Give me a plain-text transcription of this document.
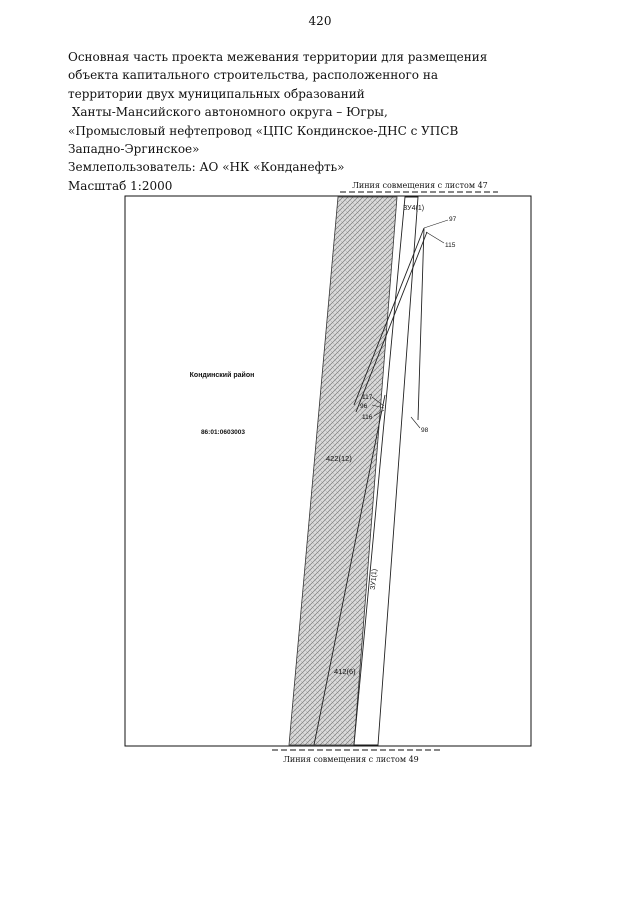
420
Основная часть проекта межевания территории для размещения
объекта капитального строительства, расположенного на
территории двух муниципальных образований
Ханты-Мансийского автономного округа – Югры,
«Промысловый нефтепровод «ЦПС Кондинское-ДНС с УПСВ
Западно-Эргинское»
Землепользователь: АО «НК «Конданефть»
Масштаб 1:2000	Линия совмещения с листом 47
Кондинский район
86:01:0603003
422(12)
412(6)
ЗУ1(1)
ЗУ4(1)
97
115
117
96
116
98
Линия совмещения с листом 49
